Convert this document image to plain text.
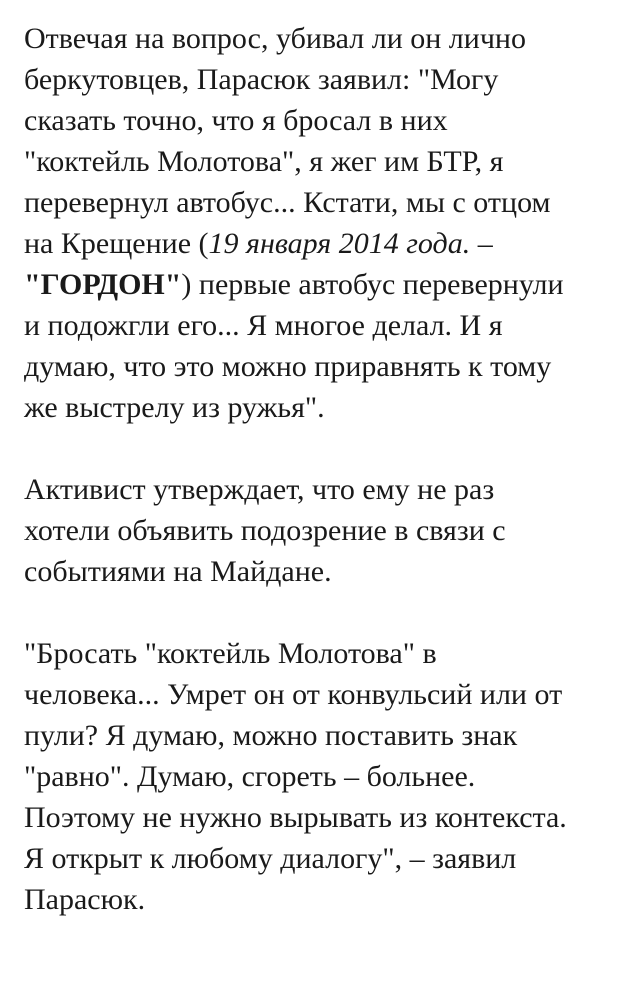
Отвечая на вопрос, убивал ли он лично
беркутовцев, Парасюк заявил: "Могу
сказать точно, что я бросал в них
"коктейль Молотова", я жег им БТР, я
перевернул автобус... Кстати, мы с отцом
на Крещение (19 января 2014 года. –
"ГОРДОН") первые автобус перевернули
и подожгли его... Я многое делал. И я
думаю, что это можно приравнять к тому
же выстрелу из ружья".

Активист утверждает, что ему не раз
хотели объявить подозрение в связи с
событиями на Майдане.

"Бросать "коктейль Молотова" в
человека... Умрет он от конвульсий или от
пули? Я думаю, можно поставить знак
"равно". Думаю, сгореть – больнее.
Поэтому не нужно вырывать из контекста.
Я открыт к любому диалогу", – заявил
Парасюк.
